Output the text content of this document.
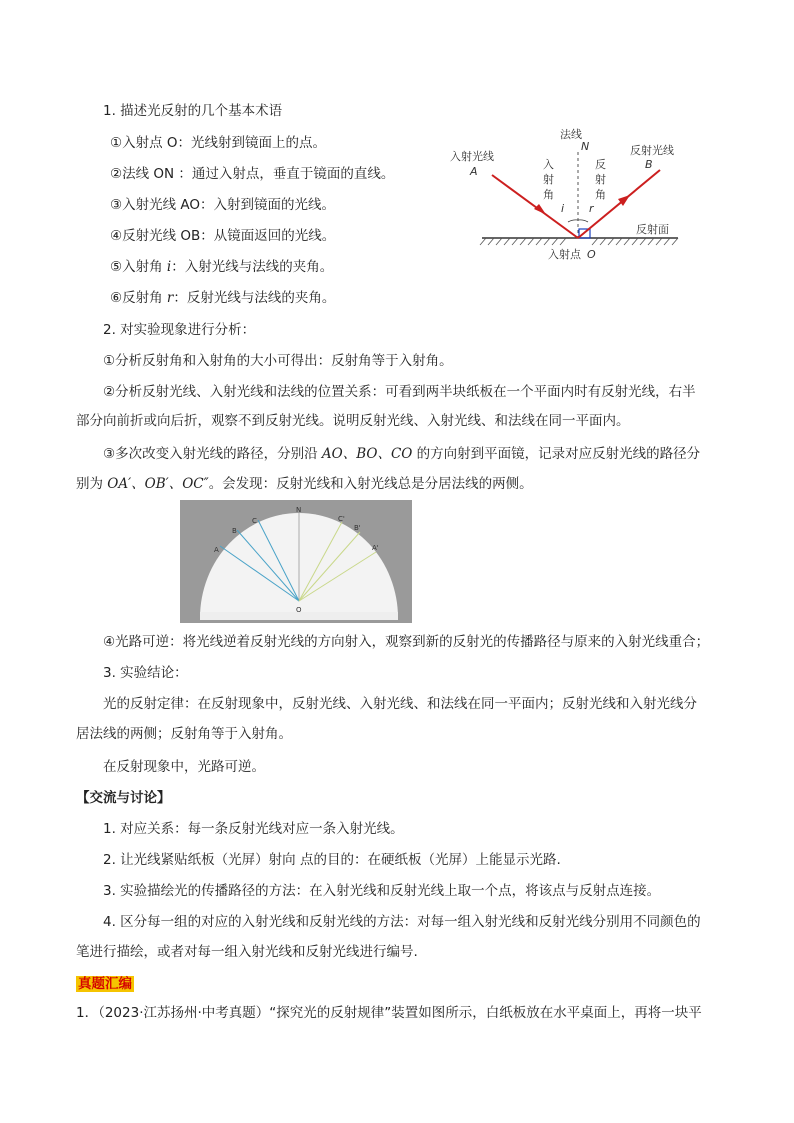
1. 描述光反射的几个基本术语
①入射点 O：光线射到镜面上的点。
②法线 ON ：通过入射点，垂直于镜面的直线。
③入射光线 AO：入射到镜面的光线。
④反射光线 OB：从镜面返回的光线。
⑤入射角 i：入射光线与法线的夹角。
⑥反射角 r：反射光线与法线的夹角。
法线
N
入射光线
A
反射光线
B
入
射
角
反
射
角
i r
反射面
入射点 O
2. 对实验现象进行分析：
①分析反射角和入射角的大小可得出：反射角等于入射角。
②分析反射光线、入射光线和法线的位置关系：可看到两半块纸板在一个平面内时有反射光线，右半
部分向前折或向后折，观察不到反射光线。说明反射光线、入射光线、和法线在同一平面内。
③多次改变入射光线的路径，分别沿 AO、BO、CO 的方向射到平面镜，记录对应反射光线的路径分
别为 OA′、OB′、OC″。会发现：反射光线和入射光线总是分居法线的两侧。
N
O
A
B
C
A'
B'
C'
④光路可逆：将光线逆着反射光线的方向射入，观察到新的反射光的传播路径与原来的入射光线重合；
3. 实验结论：
光的反射定律：在反射现象中，反射光线、入射光线、和法线在同一平面内；反射光线和入射光线分
居法线的两侧；反射角等于入射角。
在反射现象中，光路可逆。
【交流与讨论】
1. 对应关系：每一条反射光线对应一条入射光线。
2. 让光线紧贴纸板（光屏）射向 点的目的：在硬纸板（光屏）上能显示光路.
3. 实验描绘光的传播路径的方法：在入射光线和反射光线上取一个点，将该点与反射点连接。
4. 区分每一组的对应的入射光线和反射光线的方法：对每一组入射光线和反射光线分别用不同颜色的
笔进行描绘，或者对每一组入射光线和反射光线进行编号.
真题汇编
1．（2023·江苏扬州·中考真题）“探究光的反射规律”装置如图所示，白纸板放在水平桌面上，再将一块平
